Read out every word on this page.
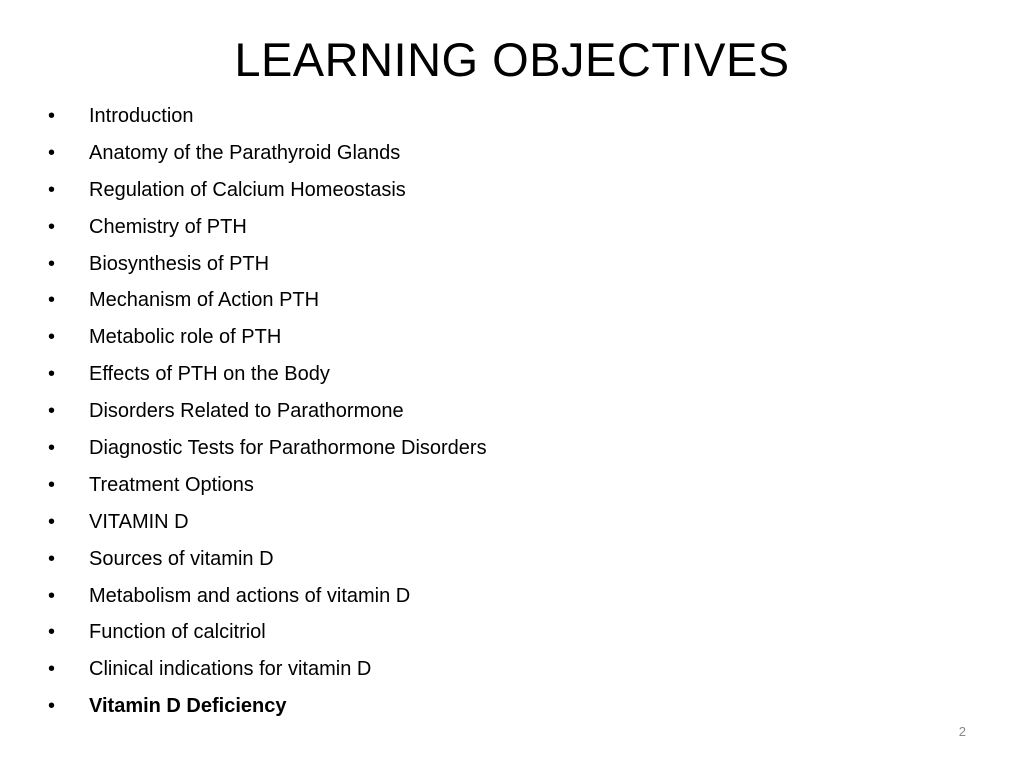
LEARNING OBJECTIVES
• Introduction
• Anatomy of the Parathyroid Glands
• Regulation of Calcium Homeostasis
• Chemistry of PTH
• Biosynthesis of PTH
• Mechanism of Action PTH
• Metabolic role of PTH
• Effects of PTH on the Body
• Disorders Related to Parathormone
• Diagnostic Tests for Parathormone Disorders
• Treatment Options
• VITAMIN D
• Sources of vitamin D
• Metabolism and actions of vitamin D
• Function of calcitriol
• Clinical indications for vitamin D
• Vitamin D Deficiency
2
